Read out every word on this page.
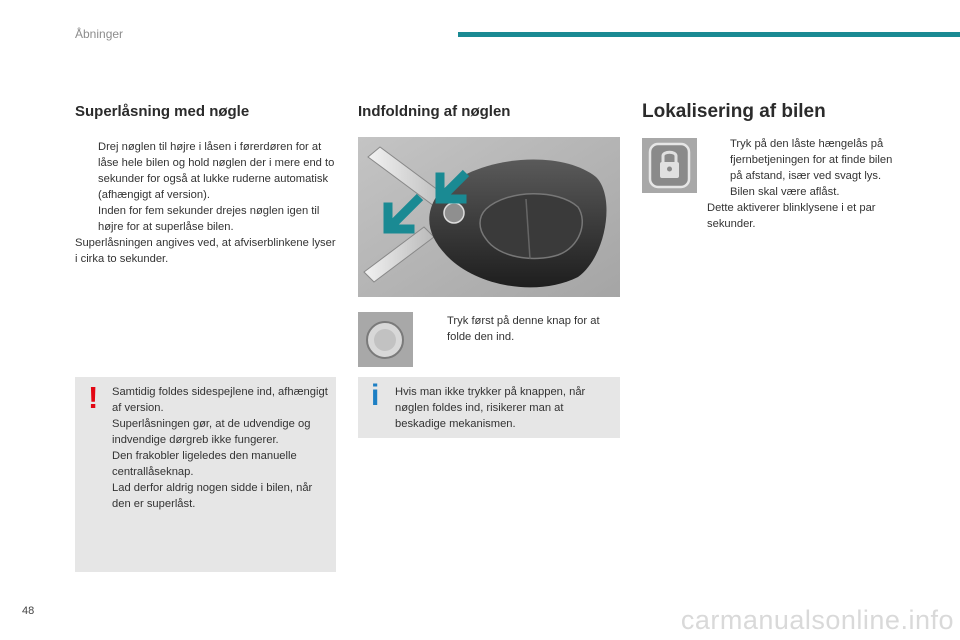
Åbninger
Superlåsning med nøgle
Drej nøglen til højre i låsen i førerdøren for at låse hele bilen og hold nøglen der i mere end to sekunder for også at lukke ruderne automatisk (afhængigt af version).
Inden for fem sekunder drejes nøglen igen til højre for at superlåse bilen.
Superlåsningen angives ved, at afviserblinkene lyser i cirka to sekunder.
! Samtidig foldes sidespejlene ind, afhængigt af version.
Superlåsningen gør, at de udvendige og indvendige dørgreb ikke fungerer.
Den frakobler ligeledes den manuelle centrallåseknap.
Lad derfor aldrig nogen sidde i bilen, når den er superlåst.
Indfoldning af nøglen
Tryk først på denne knap for at folde den ind.
i Hvis man ikke trykker på knappen, når nøglen foldes ind, risikerer man at beskadige mekanismen.
Lokalisering af bilen
Tryk på den låste hængelås på fjernbetjeningen for at finde bilen på afstand, især ved svagt lys. Bilen skal være aflåst.
Dette aktiverer blinklysene i et par sekunder.
48	carmanualsonline.info
